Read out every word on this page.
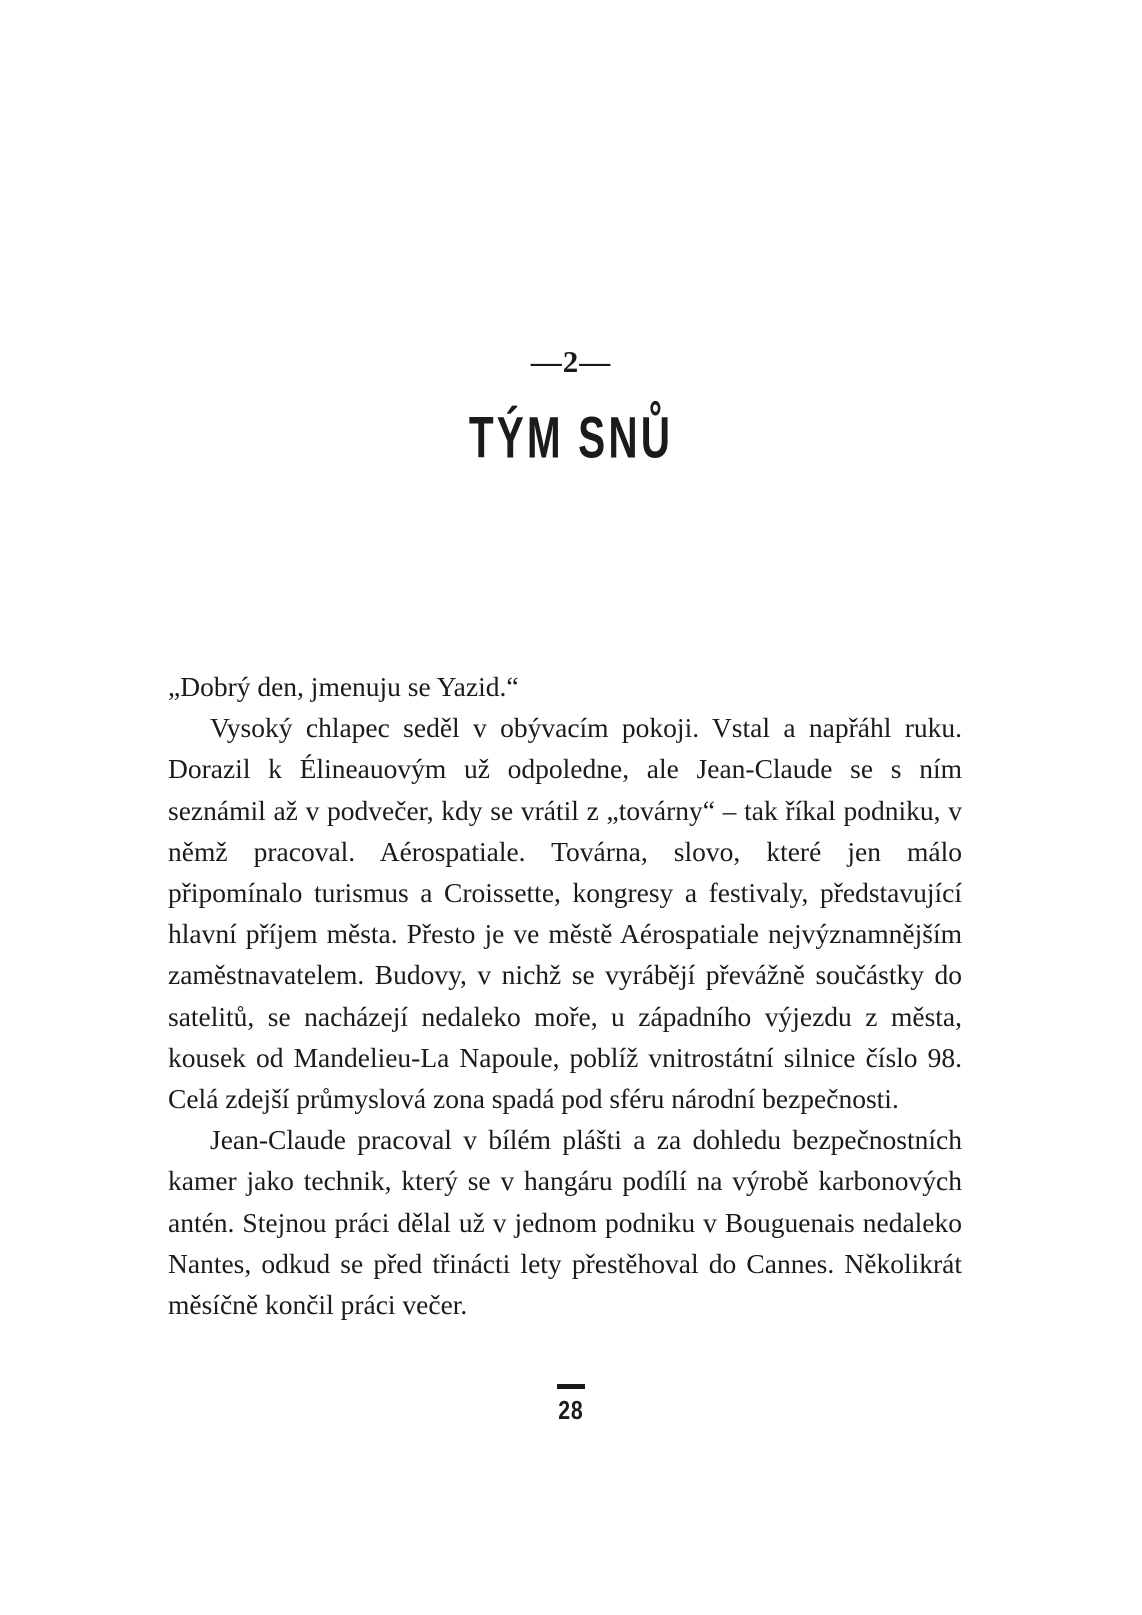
—2—
TÝM SNŮ

„Dobrý den, jmenuju se Yazid.“

Vysoký chlapec seděl v obývacím pokoji. Vstal a napřáhl ruku. Dorazil k Élineauovým už odpoledne, ale Jean-Claude se s ním seznámil až v podvečer, kdy se vrátil z „továrny“ – tak říkal podniku, v němž pracoval. Aérospatiale. Továrna, slovo, které jen málo připomínalo turismus a Croissette, kongresy a festivaly, představující hlavní příjem města. Přesto je ve městě Aérospatiale nejvýznamnějším zaměstnavatelem. Budovy, v nichž se vyrábějí převážně součástky do satelitů, se nacházejí nedaleko moře, u západního výjezdu z města, kousek od Mandelieu-La Napoule, poblíž vnitrostátní silnice číslo 98. Celá zdejší průmyslová zona spadá pod sféru národní bezpečnosti.

Jean-Claude pracoval v bílém plášti a za dohledu bezpečnostních kamer jako technik, který se v hangáru podílí na výrobě karbonových antén. Stejnou práci dělal už v jednom podniku v Bouguenais nedaleko Nantes, odkud se před třinácti lety přestěhoval do Cannes. Několikrát měsíčně končil práci večer.

28
